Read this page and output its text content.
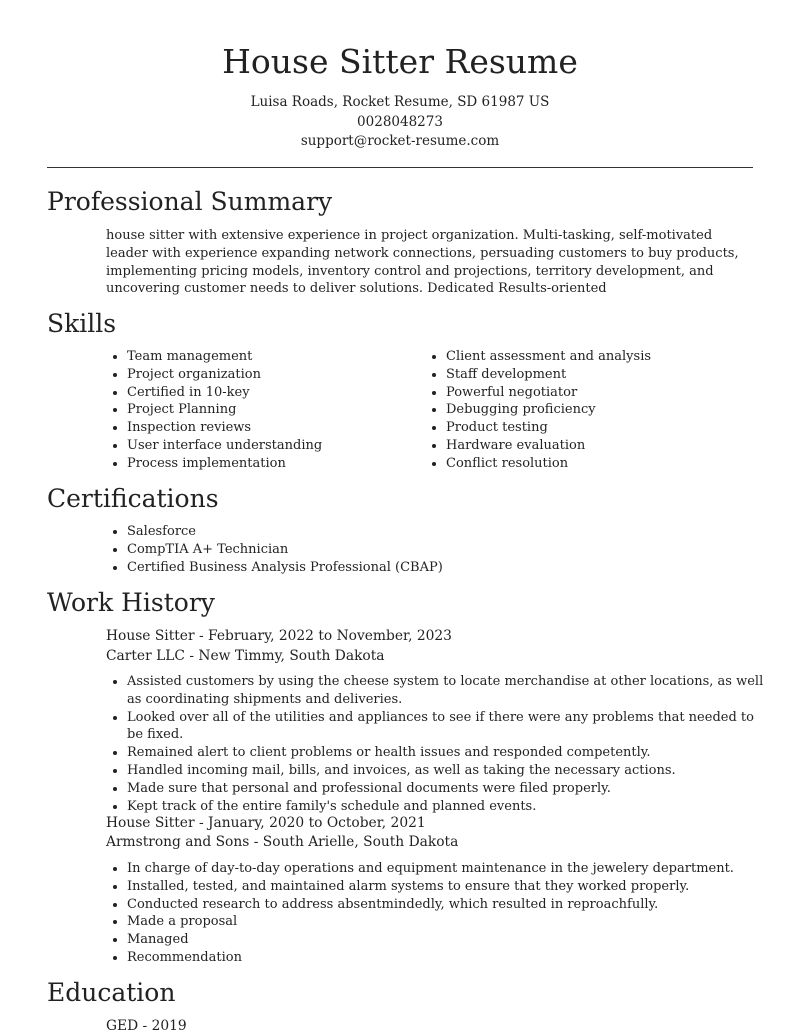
House Sitter Resume
Luisa Roads, Rocket Resume, SD 61987 US
0028048273
support@rocket-resume.com
Professional Summary

house sitter with extensive experience in project organization. Multi-tasking, self-motivated leader with experience expanding network connections, persuading customers to buy products, implementing pricing models, inventory control and projections, territory development, and uncovering customer needs to deliver solutions. Dedicated Results-oriented

Skills
• Team management
• Project organization
• Certified in 10-key
• Project Planning
• Inspection reviews
• User interface understanding
• Process implementation
• Client assessment and analysis
• Staff development
• Powerful negotiator
• Debugging proficiency
• Product testing
• Hardware evaluation
• Conflict resolution
Certifications
• Salesforce
• CompTIA A+ Technician
• Certified Business Analysis Professional (CBAP)
Work History
House Sitter - February, 2022 to November, 2023
Carter LLC - New Timmy, South Dakota
• Assisted customers by using the cheese system to locate merchandise at other locations, as well as coordinating shipments and deliveries.
• Looked over all of the utilities and appliances to see if there were any problems that needed to be fixed.
• Remained alert to client problems or health issues and responded competently.
• Handled incoming mail, bills, and invoices, as well as taking the necessary actions.
• Made sure that personal and professional documents were filed properly.
• Kept track of the entire family's schedule and planned events.
House Sitter - January, 2020 to October, 2021
Armstrong and Sons - South Arielle, South Dakota
• In charge of day-to-day operations and equipment maintenance in the jewelery department.
• Installed, tested, and maintained alarm systems to ensure that they worked properly.
• Conducted research to address absentmindedly, which resulted in reproachfully.
• Made a proposal
• Managed
• Recommendation
Education
GED - 2019
